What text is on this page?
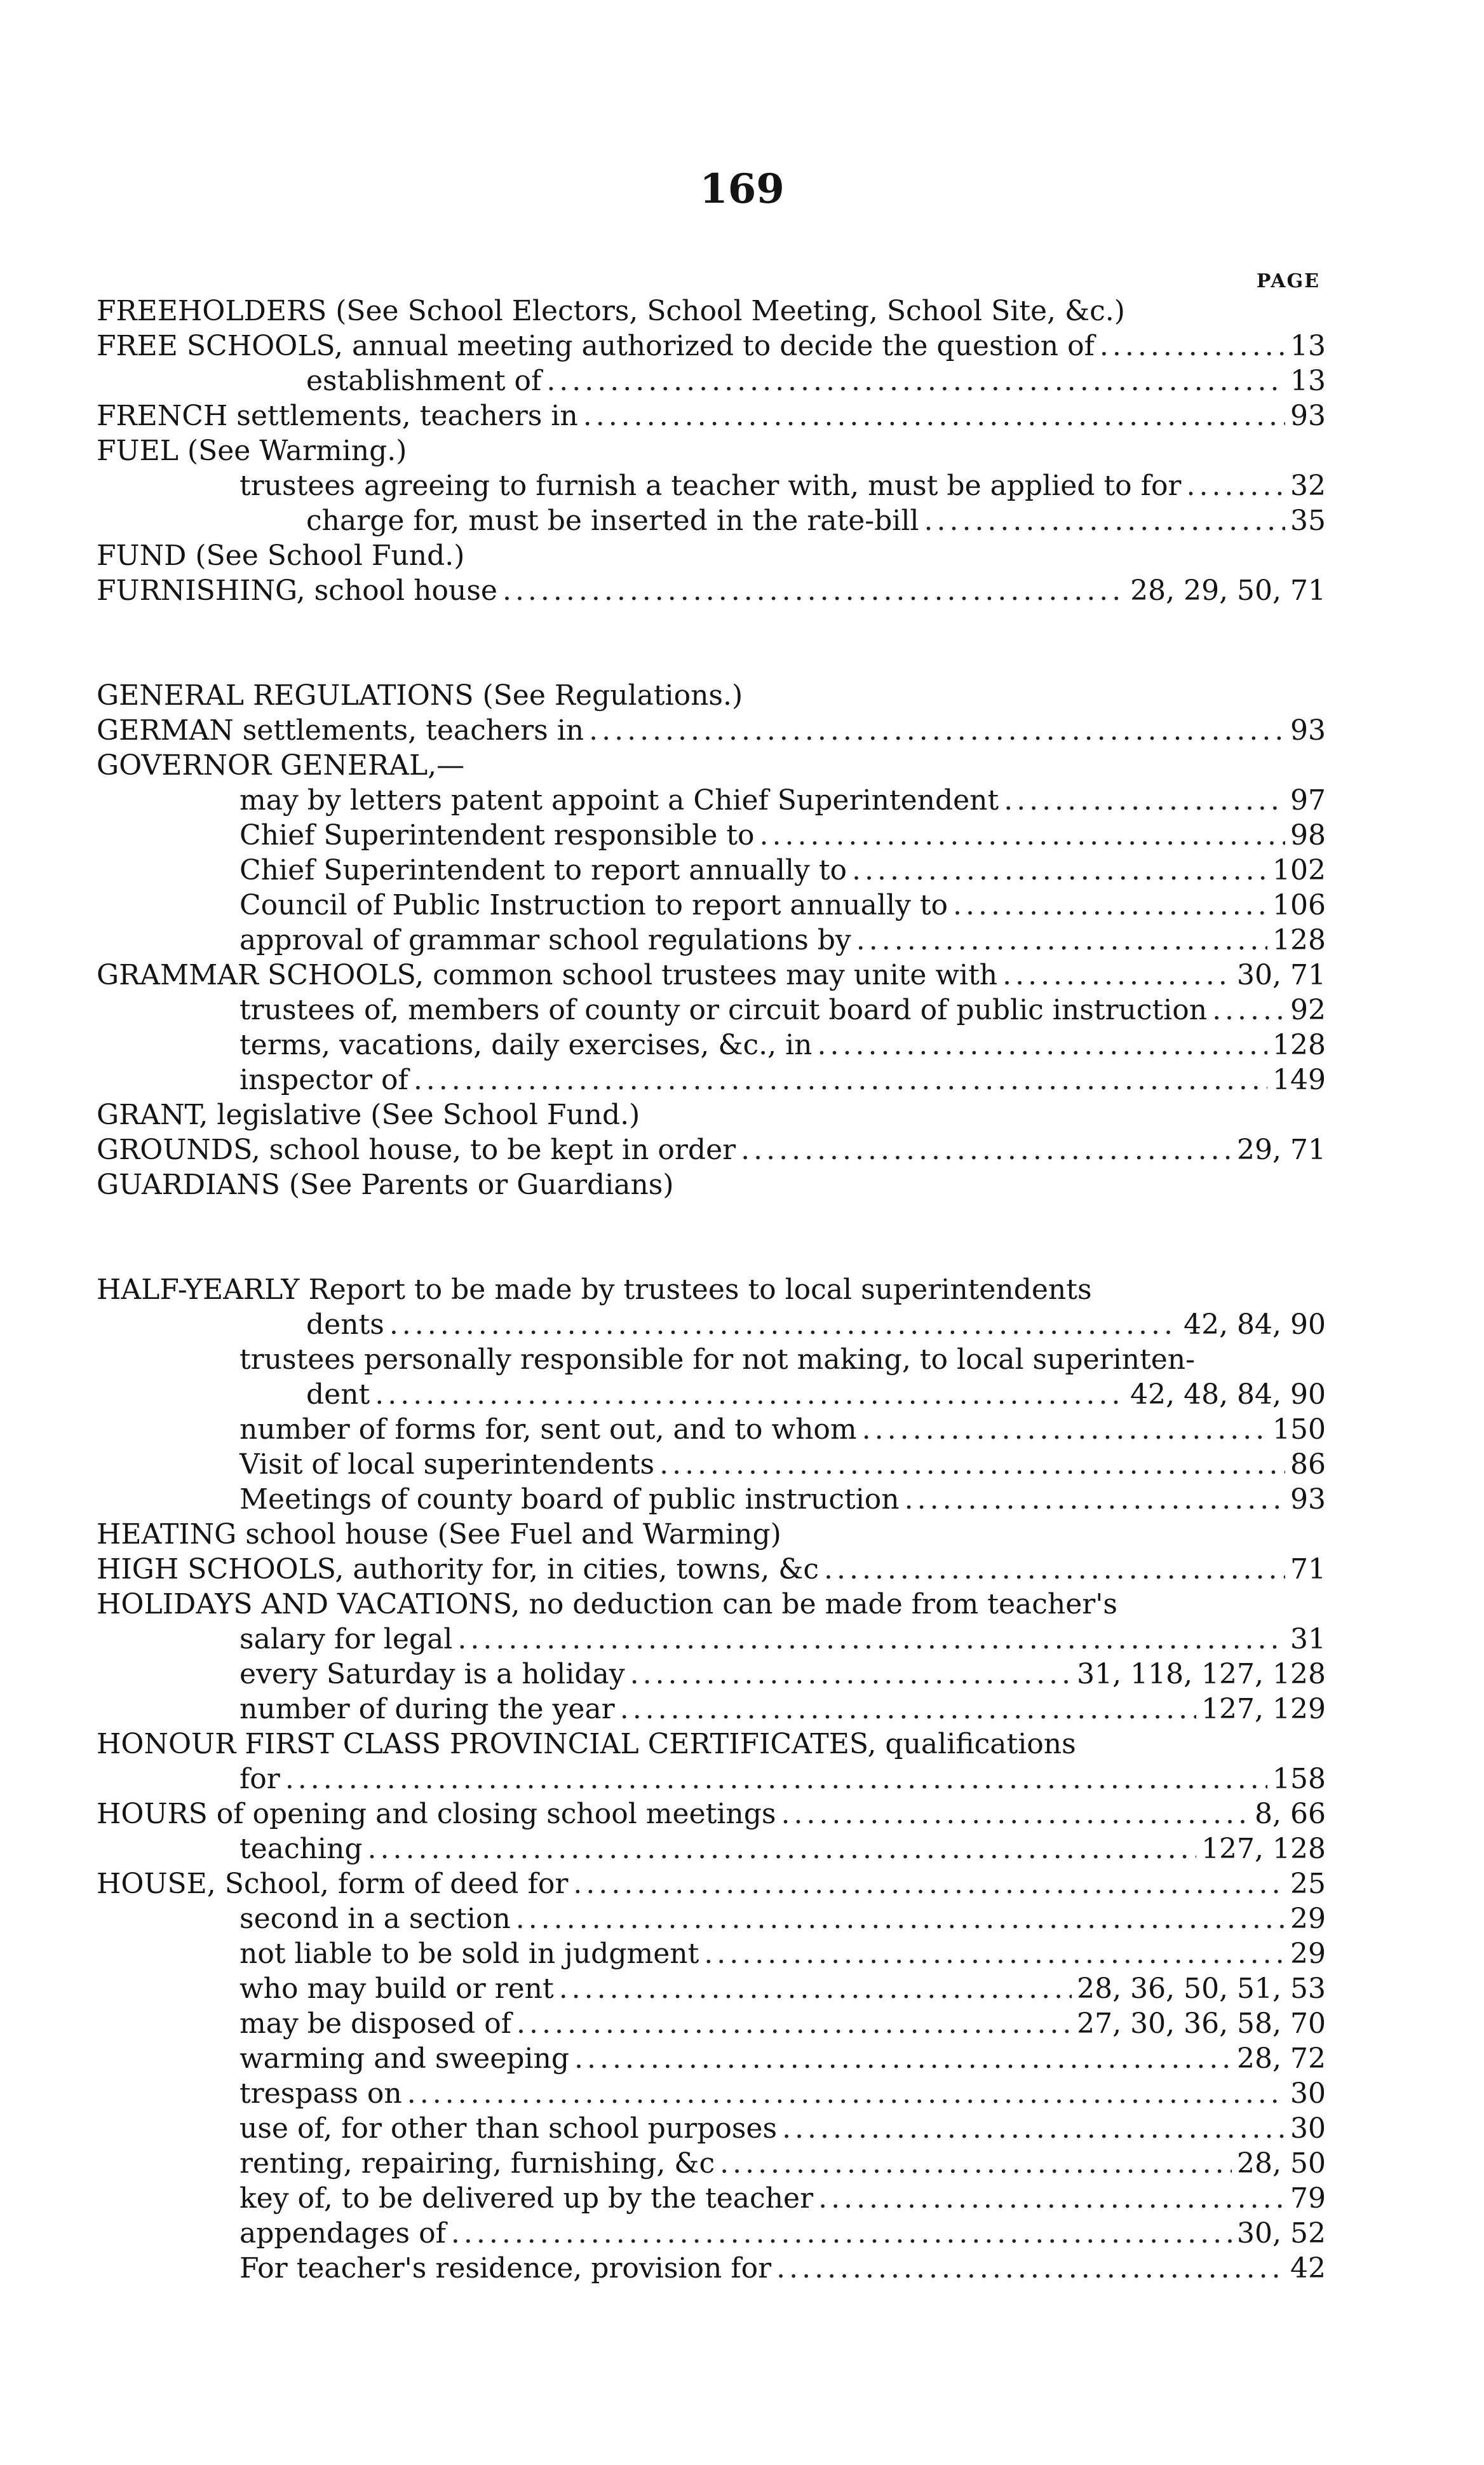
169
PAGE
FREEHOLDERS (See School Electors, School Meeting, School Site, &c.)
FREE SCHOOLS, annual meeting authorized to decide the question of .....	13
establishment of .....	13
FRENCH settlements, teachers in .....	93
FUEL (See Warming.)
trustees agreeing to furnish a teacher with, must be applied to for .....	32
charge for, must be inserted in the rate-bill .....	35
FUND (See School Fund.)
FURNISHING, school house .....	28, 29, 50, 71
GENERAL REGULATIONS (See Regulations.)
GERMAN settlements, teachers in .....	93
GOVERNOR GENERAL,—
may by letters patent appoint a Chief Superintendent .....	97
Chief Superintendent responsible to .....	98
Chief Superintendent to report annually to .....	102
Council of Public Instruction to report annually to .....	106
approval of grammar school regulations by .....	128
GRAMMAR SCHOOLS, common school trustees may unite with .....	30, 71
trustees of, members of county or circuit board of public instruction .....	92
terms, vacations, daily exercises, &c., in .....	128
inspector of .....	149
GRANT, legislative (See School Fund.)
GROUNDS, school house, to be kept in order .....	29, 71
GUARDIANS (See Parents or Guardians)
HALF-YEARLY Report to be made by trustees to local superintendents
dents .....	42, 84, 90
trustees personally responsible for not making, to local superinten-
dent .....	42, 48, 84, 90
number of forms for, sent out, and to whom .....	150
Visit of local superintendents .....	86
Meetings of county board of public instruction .....	93
HEATING school house (See Fuel and Warming)
HIGH SCHOOLS, authority for, in cities, towns, &c .....	71
HOLIDAYS AND VACATIONS, no deduction can be made from teacher's
salary for legal .....	31
every Saturday is a holiday .....	31, 118, 127, 128
number of during the year .....	127, 129
HONOUR FIRST CLASS PROVINCIAL CERTIFICATES, qualifications
for .....	158
HOURS of opening and closing school meetings .....	8, 66
teaching .....	127, 128
HOUSE, School, form of deed for .....	25
second in a section .....	29
not liable to be sold in judgment .....	29
who may build or rent .....	28, 36, 50, 51, 53
may be disposed of .....	27, 30, 36, 58, 70
warming and sweeping .....	28, 72
trespass on .....	30
use of, for other than school purposes .....	30
renting, repairing, furnishing, &c .....	28, 50
key of, to be delivered up by the teacher .....	79
appendages of .....	30, 52
For teacher's residence, provision for .....	42
